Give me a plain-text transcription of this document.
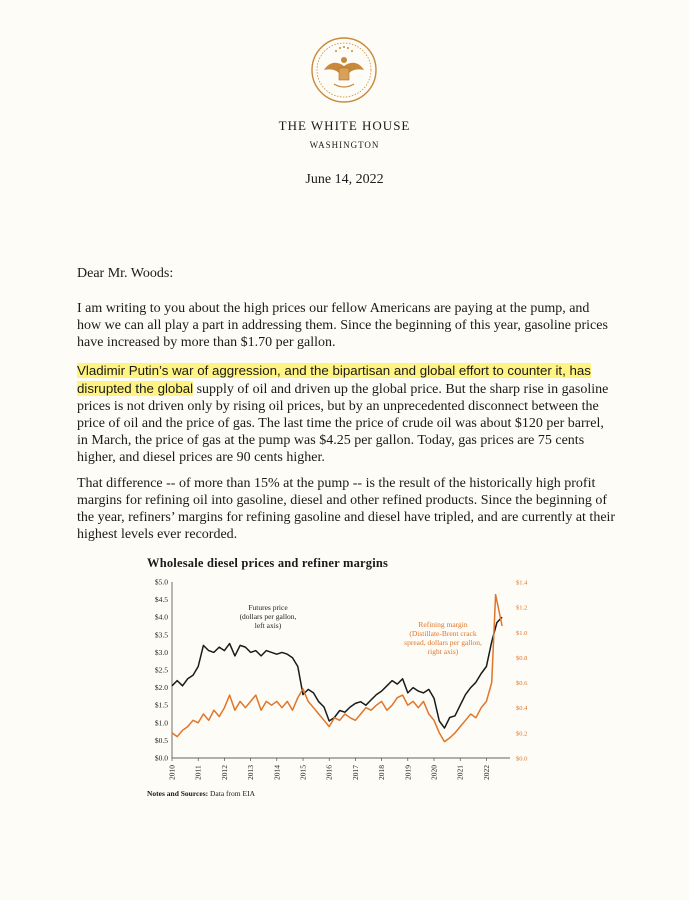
THE WHITE HOUSE
WASHINGTON
June 14, 2022
Dear Mr. Woods:
I am writing to you about the high prices our fellow Americans are paying at the pump, and how we can all play a part in addressing them. Since the beginning of this year, gasoline prices have increased by more than $1.70 per gallon.
Vladimir Putin’s war of aggression, and the bipartisan and global effort to counter it, has disrupted the global supply of oil and driven up the global price. But the sharp rise in gasoline prices is not driven only by rising oil prices, but by an unprecedented disconnect between the price of oil and the price of gas. The last time the price of crude oil was about $120 per barrel, in March, the price of gas at the pump was $4.25 per gallon. Today, gas prices are 75 cents higher, and diesel prices are 90 cents higher.
That difference -- of more than 15% at the pump -- is the result of the historically high profit margins for refining oil into gasoline, diesel and other refined products. Since the beginning of the year, refiners’ margins for refining gasoline and diesel have tripled, and are currently at their highest levels ever recorded.
Wholesale diesel prices and refiner margins
$0.0
$0.5
$1.0
$1.5
$2.0
$2.5
$3.0
$3.5
$4.0
$4.5
$5.0
$0.0
$0.2
$0.4
$0.6
$0.8
$1.0
$1.2
$1.4
2010 2011 2012 2013 2014 2015 2016 2017 2018 2019 2020 2021 2022
Futures price
(dollars per gallon,
left axis)	Refining margin
(Distillate-Brent crack
spread, dollars per gallon,
right axis)
Notes and Sources: Data from EIA
